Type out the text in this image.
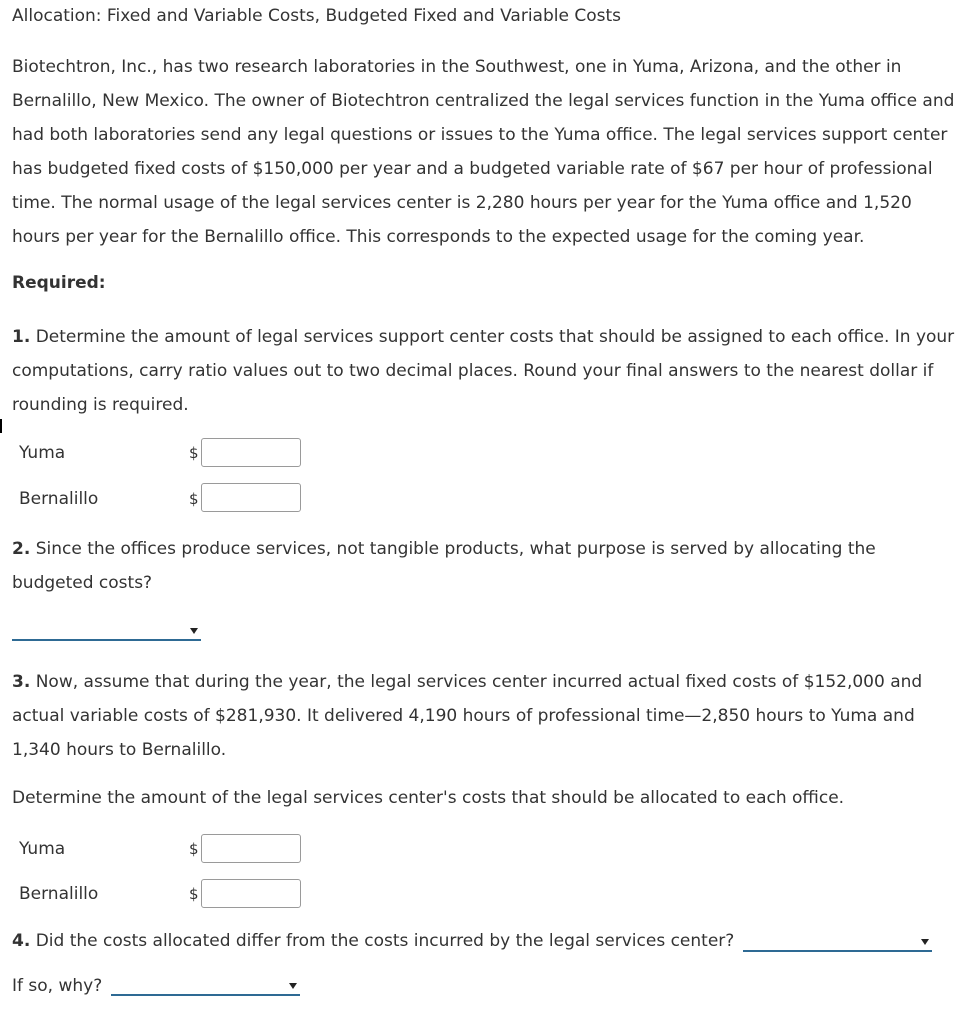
Allocation: Fixed and Variable Costs, Budgeted Fixed and Variable Costs
Biotechtron, Inc., has two research laboratories in the Southwest, one in Yuma, Arizona, and the other in Bernalillo, New Mexico. The owner of Biotechtron centralized the legal services function in the Yuma office and had both laboratories send any legal questions or issues to the Yuma office. The legal services support center has budgeted fixed costs of $150,000 per year and a budgeted variable rate of $67 per hour of professional time. The normal usage of the legal services center is 2,280 hours per year for the Yuma office and 1,520 hours per year for the Bernalillo office. This corresponds to the expected usage for the coming year.
Required:
1. Determine the amount of legal services support center costs that should be assigned to each office. In your computations, carry ratio values out to two decimal places. Round your final answers to the nearest dollar if rounding is required.
Yuma	$
Bernalillo	$
2. Since the offices produce services, not tangible products, what purpose is served by allocating the budgeted costs?
3. Now, assume that during the year, the legal services center incurred actual fixed costs of $152,000 and actual variable costs of $281,930. It delivered 4,190 hours of professional time—2,850 hours to Yuma and 1,340 hours to Bernalillo.
Determine the amount of the legal services center's costs that should be allocated to each office.
Yuma	$
Bernalillo	$
4. Did the costs allocated differ from the costs incurred by the legal services center?
If so, why?
